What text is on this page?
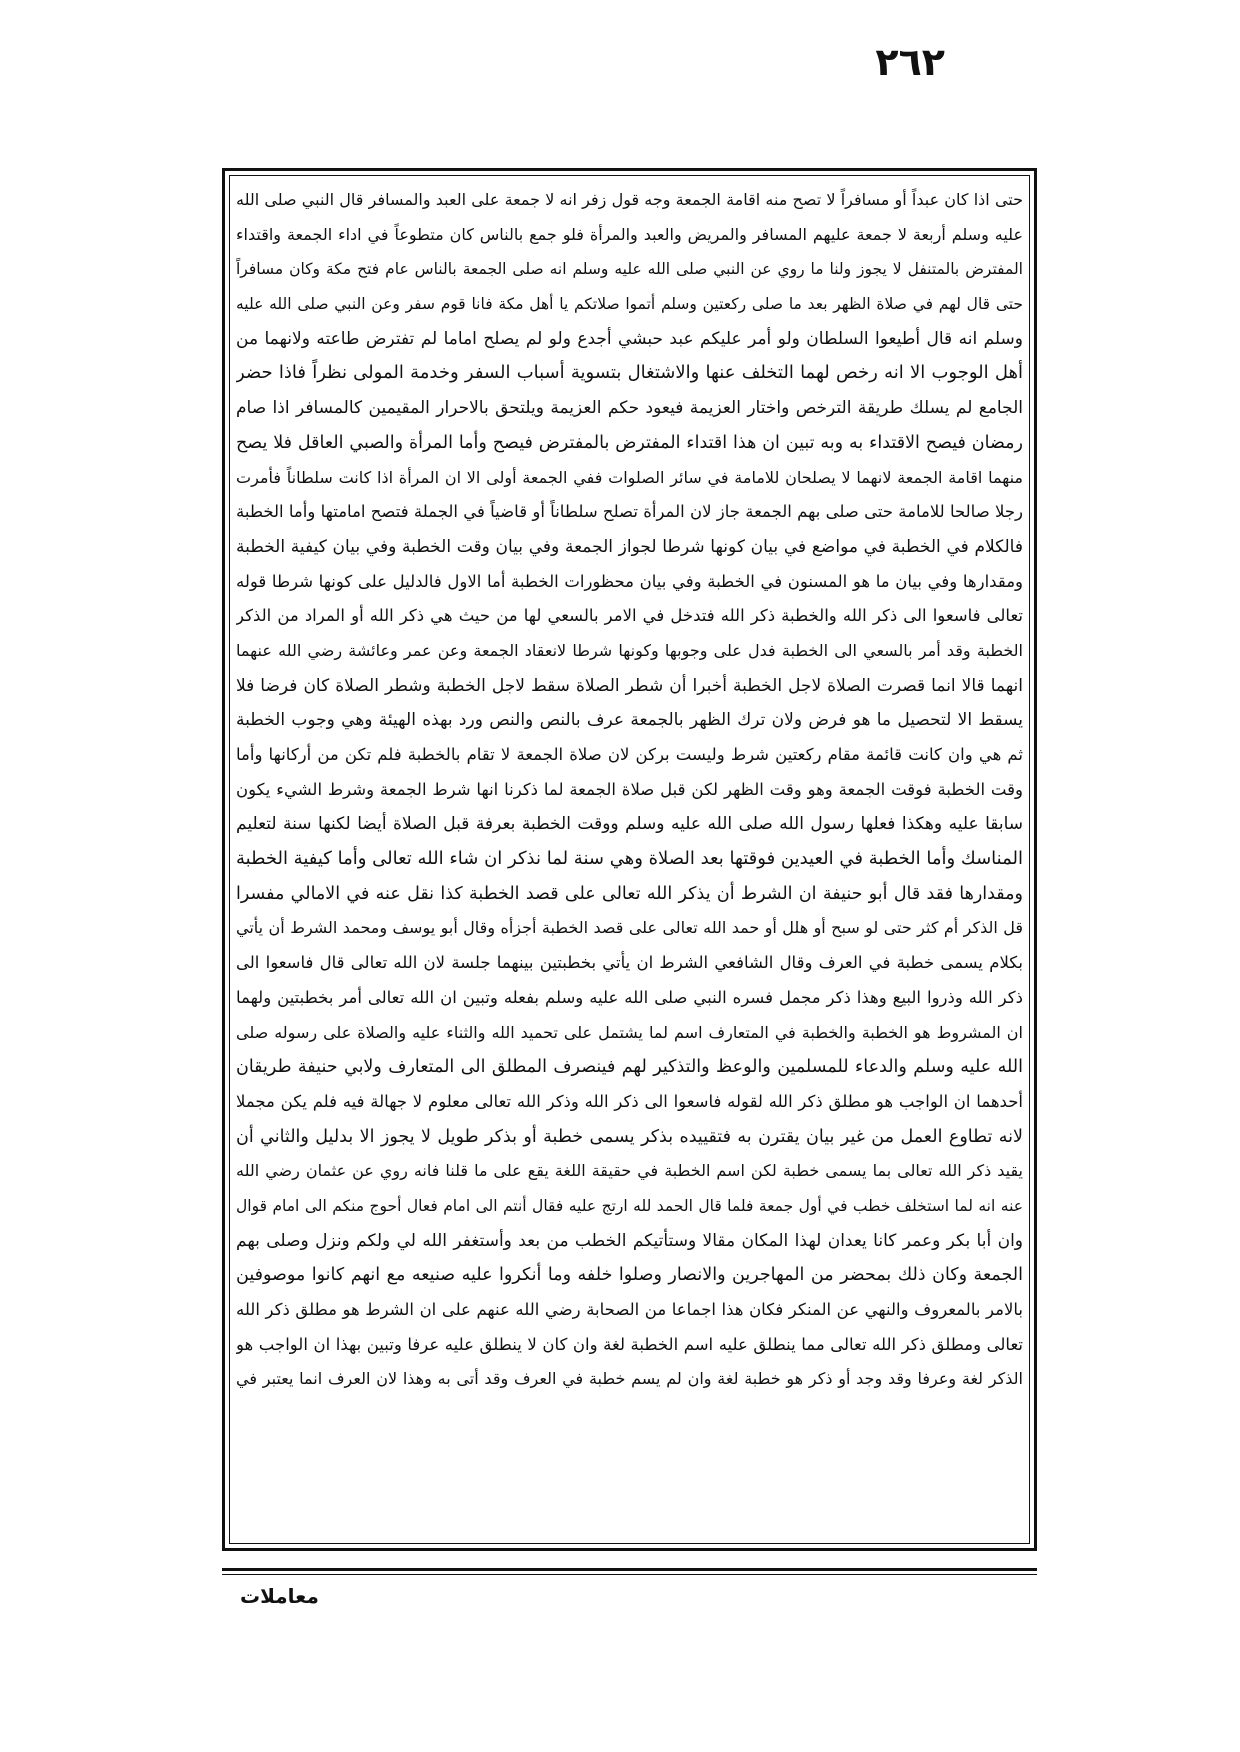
٢٦٢
حتى اذا كان عبداً أو مسافراً لا تصح منه اقامة الجمعة وجه قول زفر انه لا جمعة على العبد والمسافر قال النبي صلى الله
عليه وسلم أربعة لا جمعة عليهم المسافر والمريض والعبد والمرأة فلو جمع بالناس كان متطوعاً في اداء الجمعة واقتداء
المفترض بالمتنفل لا يجوز ولنا ما روي عن النبي صلى الله عليه وسلم انه صلى الجمعة بالناس عام فتح مكة وكان مسافراً
حتى قال لهم في صلاة الظهر بعد ما صلى ركعتين وسلم أتموا صلاتكم يا أهل مكة فانا قوم سفر وعن النبي صلى الله عليه
وسلم انه قال أطيعوا السلطان ولو أمر عليكم عبد حبشي أجدع ولو لم يصلح اماما لم تفترض طاعته ولانهما من
أهل الوجوب الا انه رخص لهما التخلف عنها والاشتغال بتسوية أسباب السفر وخدمة المولى نظراً فاذا حضر
الجامع لم يسلك طريقة الترخص واختار العزيمة فيعود حكم العزيمة ويلتحق بالاحرار المقيمين كالمسافر اذا صام
رمضان فيصح الاقتداء به وبه تبين ان هذا اقتداء المفترض بالمفترض فيصح وأما المرأة والصبي العاقل فلا يصح
منهما اقامة الجمعة لانهما لا يصلحان للامامة في سائر الصلوات ففي الجمعة أولى الا ان المرأة اذا كانت سلطاناً فأمرت
رجلا صالحا للامامة حتى صلى بهم الجمعة جاز لان المرأة تصلح سلطاناً أو قاضياً في الجملة فتصح امامتها وأما الخطبة
فالكلام في الخطبة في مواضع في بيان كونها شرطا لجواز الجمعة وفي بيان وقت الخطبة وفي بيان كيفية الخطبة
ومقدارها وفي بيان ما هو المسنون في الخطبة وفي بيان محظورات الخطبة أما الاول فالدليل على كونها شرطا قوله
تعالى فاسعوا الى ذكر الله والخطبة ذكر الله فتدخل في الامر بالسعي لها من حيث هي ذكر الله أو المراد من الذكر
الخطبة وقد أمر بالسعي الى الخطبة فدل على وجوبها وكونها شرطا لانعقاد الجمعة وعن عمر وعائشة رضي الله عنهما
انهما قالا انما قصرت الصلاة لاجل الخطبة أخبرا أن شطر الصلاة سقط لاجل الخطبة وشطر الصلاة كان فرضا فلا
يسقط الا لتحصيل ما هو فرض ولان ترك الظهر بالجمعة عرف بالنص والنص ورد بهذه الهيئة وهي وجوب الخطبة
ثم هي وان كانت قائمة مقام ركعتين شرط وليست بركن لان صلاة الجمعة لا تقام بالخطبة فلم تكن من أركانها وأما
وقت الخطبة فوقت الجمعة وهو وقت الظهر لكن قبل صلاة الجمعة لما ذكرنا انها شرط الجمعة وشرط الشيء يكون
سابقا عليه وهكذا فعلها رسول الله صلى الله عليه وسلم ووقت الخطبة بعرفة قبل الصلاة أيضا لكنها سنة لتعليم
المناسك وأما الخطبة في العيدين فوقتها بعد الصلاة وهي سنة لما نذكر ان شاء الله تعالى وأما كيفية الخطبة
ومقدارها فقد قال أبو حنيفة ان الشرط أن يذكر الله تعالى على قصد الخطبة كذا نقل عنه في الامالي مفسرا
قل الذكر أم كثر حتى لو سبح أو هلل أو حمد الله تعالى على قصد الخطبة أجزأه وقال أبو يوسف ومحمد الشرط أن يأتي
بكلام يسمى خطبة في العرف وقال الشافعي الشرط ان يأتي بخطبتين بينهما جلسة لان الله تعالى قال فاسعوا الى
ذكر الله وذروا البيع وهذا ذكر مجمل فسره النبي صلى الله عليه وسلم بفعله وتبين ان الله تعالى أمر بخطبتين ولهما
ان المشروط هو الخطبة والخطبة في المتعارف اسم لما يشتمل على تحميد الله والثناء عليه والصلاة على رسوله صلى
الله عليه وسلم والدعاء للمسلمين والوعظ والتذكير لهم فينصرف المطلق الى المتعارف ولابي حنيفة طريقان
أحدهما ان الواجب هو مطلق ذكر الله لقوله فاسعوا الى ذكر الله وذكر الله تعالى معلوم لا جهالة فيه فلم يكن مجملا
لانه تطاوع العمل من غير بيان يقترن به فتقييده بذكر يسمى خطبة أو بذكر طويل لا يجوز الا بدليل والثاني أن
يقيد ذكر الله تعالى بما يسمى خطبة لكن اسم الخطبة في حقيقة اللغة يقع على ما قلنا فانه روي عن عثمان رضي الله
عنه انه لما استخلف خطب في أول جمعة فلما قال الحمد لله ارتج عليه فقال أنتم الى امام فعال أحوج منكم الى امام قوال
وان أبا بكر وعمر كانا يعدان لهذا المكان مقالا وستأتيكم الخطب من بعد وأستغفر الله لي ولكم ونزل وصلى بهم
الجمعة وكان ذلك بمحضر من المهاجرين والانصار وصلوا خلفه وما أنكروا عليه صنيعه مع انهم كانوا موصوفين
بالامر بالمعروف والنهي عن المنكر فكان هذا اجماعا من الصحابة رضي الله عنهم على ان الشرط هو مطلق ذكر الله
تعالى ومطلق ذكر الله تعالى مما ينطلق عليه اسم الخطبة لغة وان كان لا ينطلق عليه عرفا وتبين بهذا ان الواجب هو
الذكر لغة وعرفا وقد وجد أو ذكر هو خطبة لغة وان لم يسم خطبة في العرف وقد أتى به وهذا لان العرف انما يعتبر في
معاملات
